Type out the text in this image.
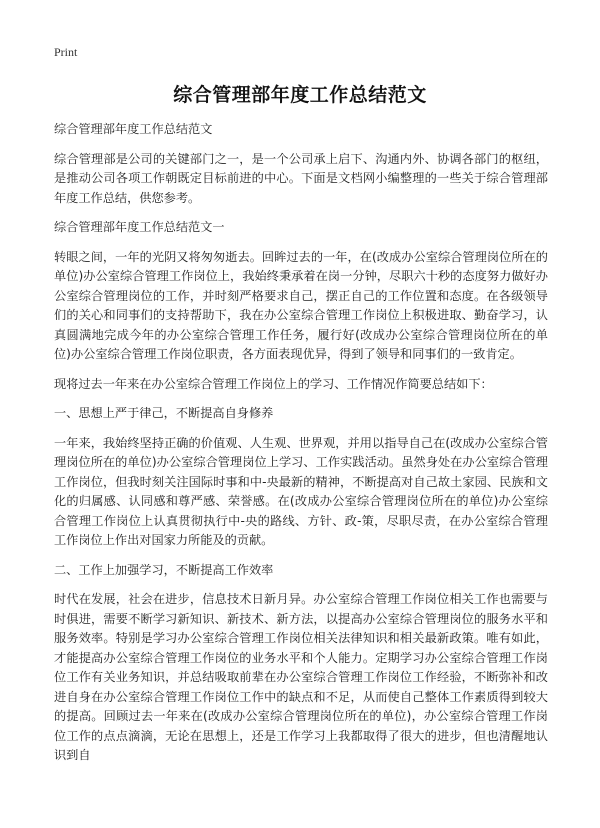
Print
综合管理部年度工作总结范文

综合管理部年度工作总结范文

综合管理部是公司的关键部门之一，是一个公司承上启下、沟通内外、协调各部门的枢纽，是推动公司各项工作朝既定目标前进的中心。下面是文档网小编整理的一些关于综合管理部年度工作总结，供您参考。

综合管理部年度工作总结范文一

转眼之间，一年的光阴又将匆匆逝去。回眸过去的一年，在(改成办公室综合管理岗位所在的单位)办公室综合管理工作岗位上，我始终秉承着在岗一分钟，尽职六十秒的态度努力做好办公室综合管理岗位的工作，并时刻严格要求自己，摆正自己的工作位置和态度。在各级领导们的关心和同事们的支持帮助下，我在办公室综合管理工作岗位上积极进取、勤奋学习，认真圆满地完成今年的办公室综合管理工作任务，履行好(改成办公室综合管理岗位所在的单位)办公室综合管理工作岗位职责，各方面表现优异，得到了领导和同事们的一致肯定。

现将过去一年来在办公室综合管理工作岗位上的学习、工作情况作简要总结如下：

一、思想上严于律己，不断提高自身修养

一年来，我始终坚持正确的价值观、人生观、世界观，并用以指导自己在(改成办公室综合管理岗位所在的单位)办公室综合管理岗位上学习、工作实践活动。虽然身处在办公室综合管理工作岗位，但我时刻关注国际时事和中-央最新的精神，不断提高对自己故土家园、民族和文化的归属感、认同感和尊严感、荣誉感。在(改成办公室综合管理岗位所在的单位)办公室综合管理工作岗位上认真贯彻执行中-央的路线、方针、政-策，尽职尽责，在办公室综合管理工作岗位上作出对国家力所能及的贡献。

二、工作上加强学习，不断提高工作效率

时代在发展，社会在进步，信息技术日新月异。办公室综合管理工作岗位相关工作也需要与时俱进，需要不断学习新知识、新技术、新方法，以提高办公室综合管理岗位的服务水平和服务效率。特别是学习办公室综合管理工作岗位相关法律知识和相关最新政策。唯有如此，才能提高办公室综合管理工作岗位的业务水平和个人能力。定期学习办公室综合管理工作岗位工作有关业务知识，并总结吸取前辈在办公室综合管理工作岗位工作经验，不断弥补和改进自身在办公室综合管理工作岗位工作中的缺点和不足，从而使自己整体工作素质得到较大的提高。回顾过去一年来在(改成办公室综合管理岗位所在的单位)，办公室综合管理工作岗位工作的点点滴滴，无论在思想上，还是工作学习上我都取得了很大的进步，但也清醒地认识到自
